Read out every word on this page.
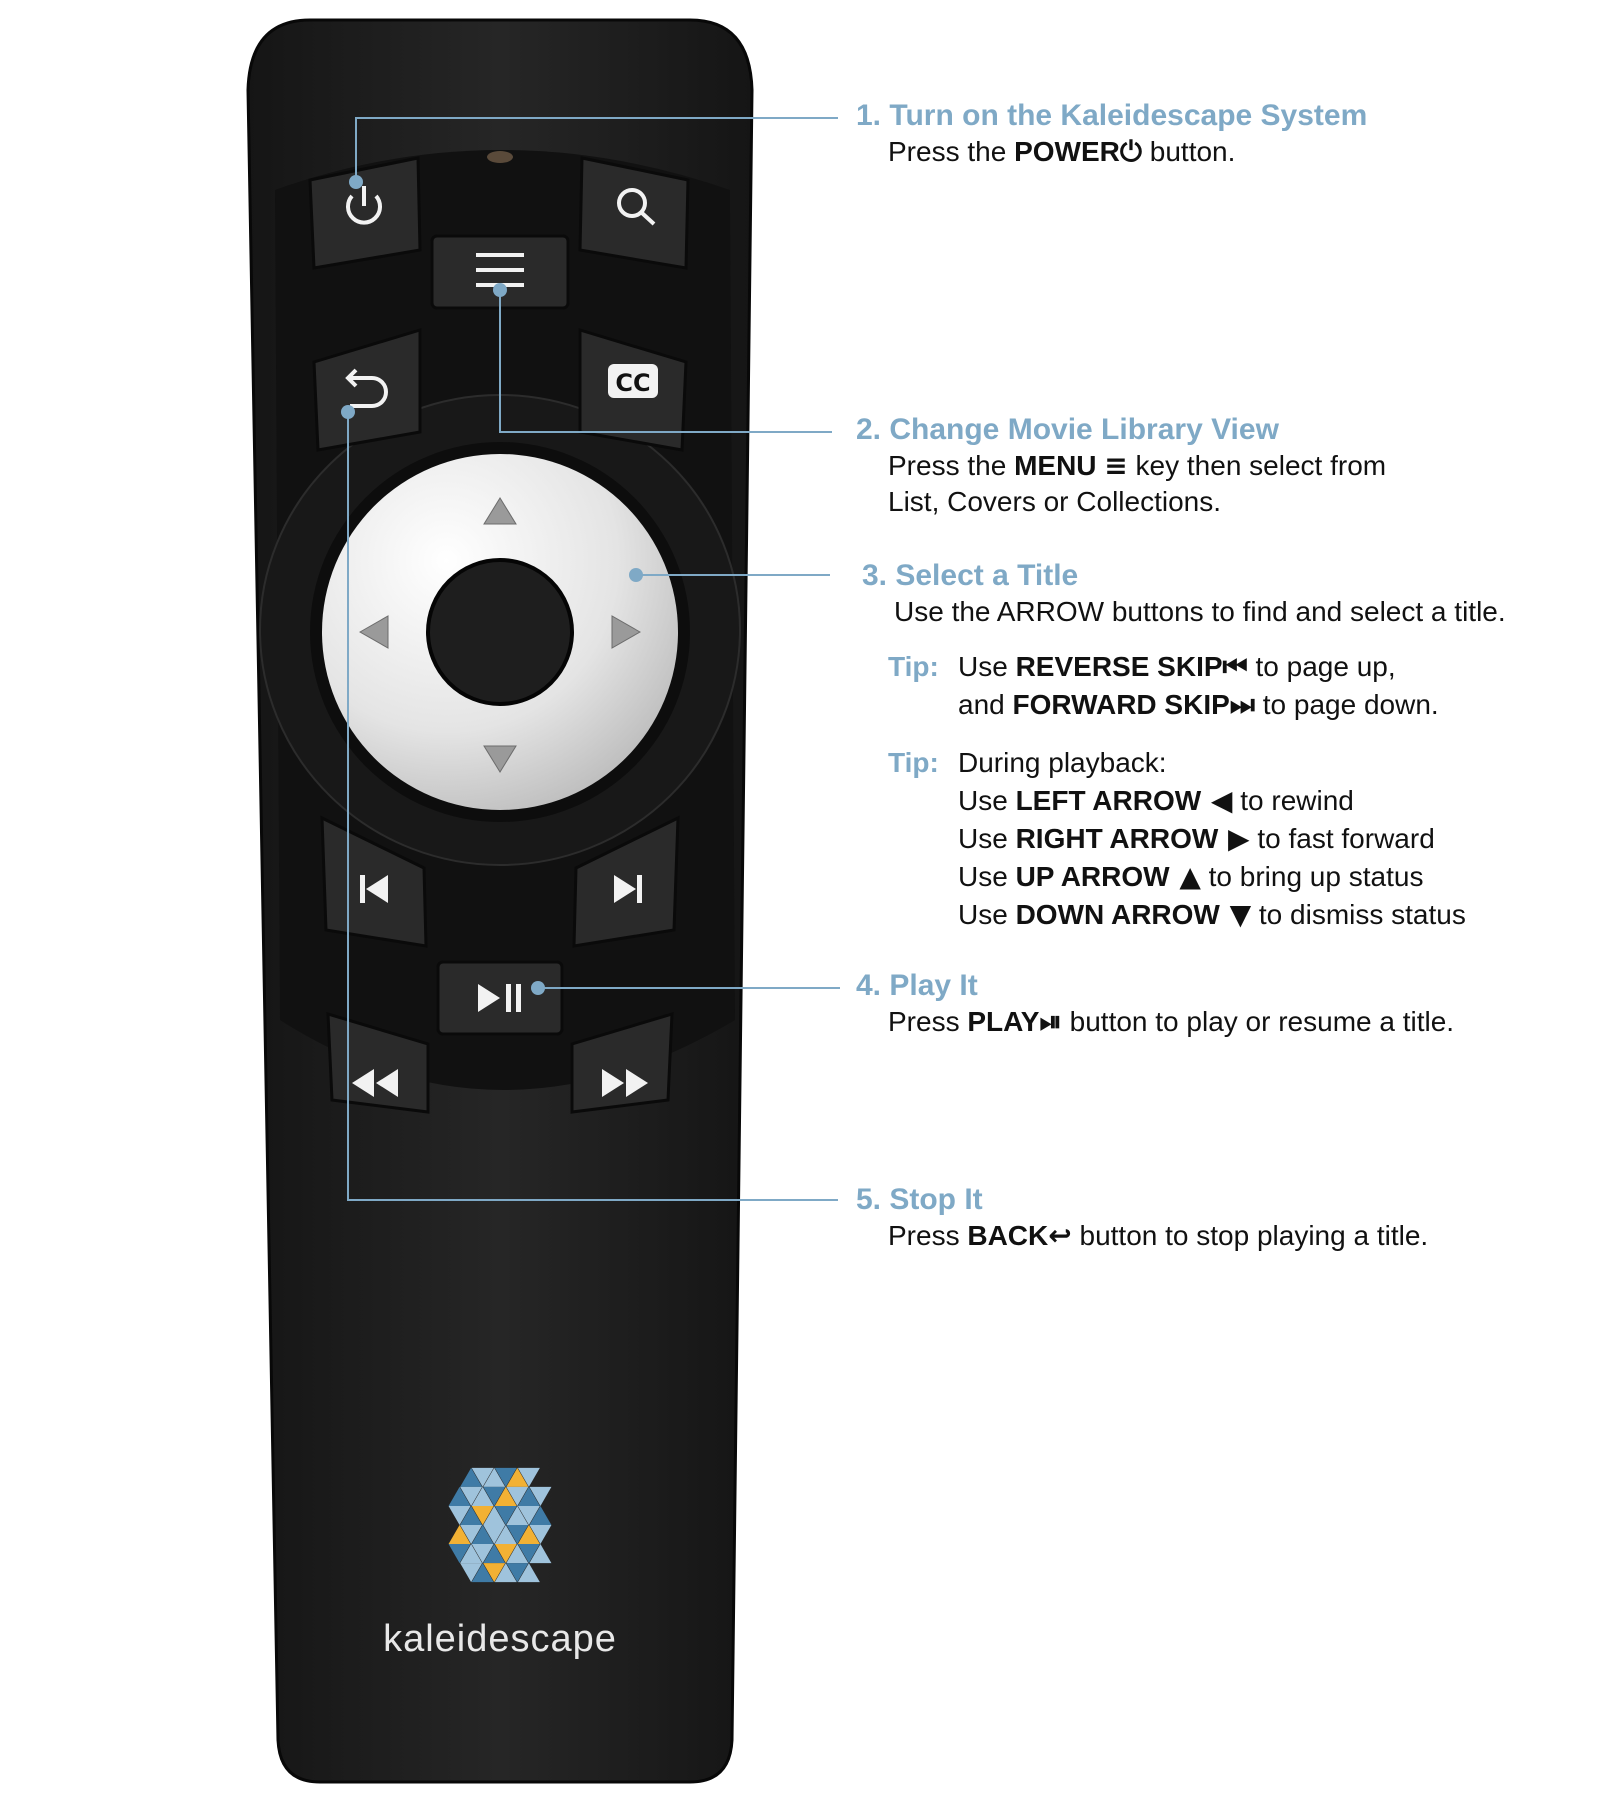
CC
1. Turn on the Kaleidescape System
Press the POWER⏻ button.
2. Change Movie Library View
Press the MENU ≡ key then select from
List, Covers or Collections.
3. Select a Title
Use the ARROW buttons to find and select a title.
Tip: Use REVERSE SKIP⏮ to page up,
and FORWARD SKIP⏭ to page down.
Tip: During playback:
Use LEFT ARROW ◀ to rewind
Use RIGHT ARROW ▶ to fast forward
Use UP ARROW ▲ to bring up status
Use DOWN ARROW ▼ to dismiss status
4. Play It
Press PLAY⏯ button to play or resume a title.
5. Stop It
Press BACK↩ button to stop playing a title.
kaleidescape
